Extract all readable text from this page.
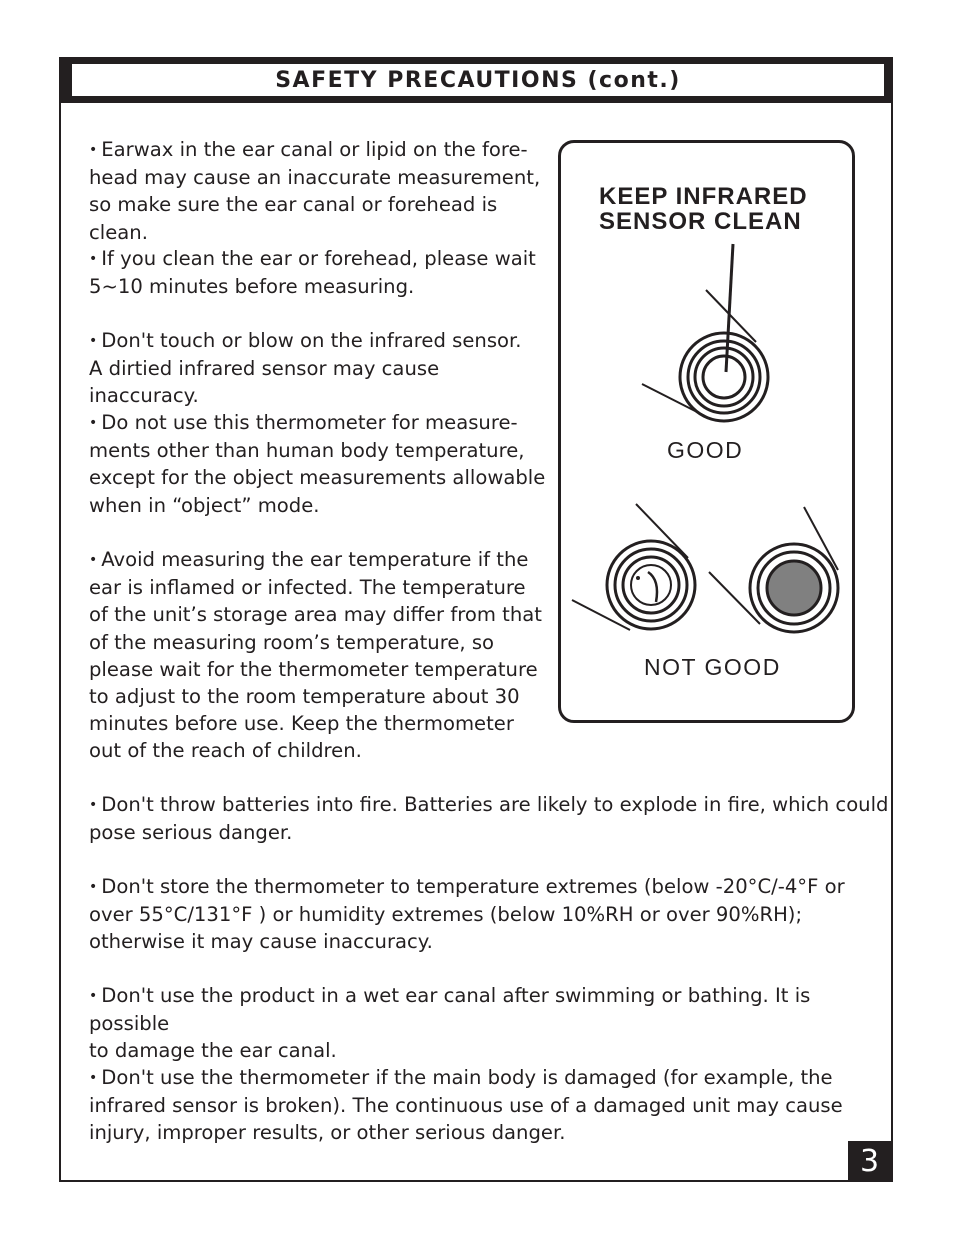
SAFETY PRECAUTIONS (cont.)

• Earwax in the ear canal or lipid on the fore-
head may cause an inaccurate measurement,
so make sure the ear canal or forehead is clean.

• If you clean the ear or forehead, please wait
5~10 minutes before measuring.

• Don't touch or blow on the infrared sensor.
A dirtied infrared sensor may cause inaccuracy.

• Do not use this thermometer for measure-
ments other than human body temperature,
except for the object measurements allowable
when in “object” mode.

• Avoid measuring the ear temperature if the
ear is inflamed or infected. The temperature
of the unit’s storage area may differ from that
of the measuring room’s temperature, so
please wait for the thermometer temperature
to adjust to the room temperature about 30
minutes before use. Keep the thermometer
out of the reach of children.

• Don't throw batteries into fire. Batteries are likely to explode in fire, which could
pose serious danger.

• Don't store the thermometer to temperature extremes (below -20°C/-4°F or
over 55°C/131°F ) or humidity extremes (below 10%RH or over 90%RH);
otherwise it may cause inaccuracy.

• Don't use the product in a wet ear canal after swimming or bathing. It is possible
to damage the ear canal.

• Don't use the thermometer if the main body is damaged (for example, the
infrared sensor is broken). The continuous use of a damaged unit may cause
injury, improper results, or other serious danger.

KEEP INFRARED
SENSOR CLEAN

GOOD
NOT GOOD
3
